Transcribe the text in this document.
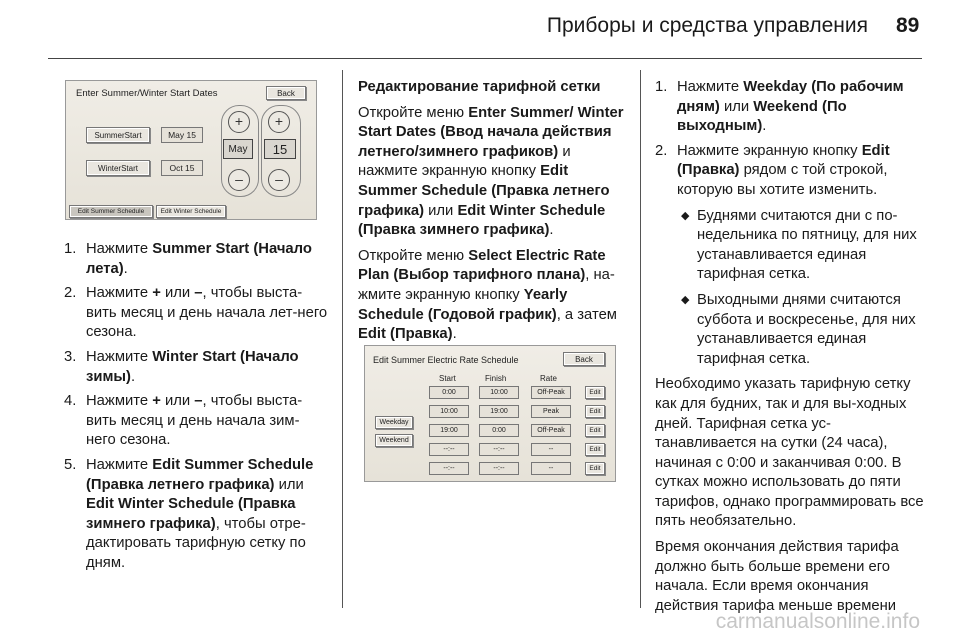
Приборы и средства управления 89
Enter Summer/Winter Start Dates	Back
SummerStart	May 15
WinterStart	Oct 15
+
May
–
+
15
–
Edit Summer Schedule	Edit Winter Schedule
Edit Summer Electric Rate Schedule	Back
Start	Finish	Rate
Weekday
Weekend
0:00	10:00	Off-Peak	Edit
10:00	19:00	Peak	Edit
19:00	0:00	Off-Peak	Edit
--:--	--:--	--	Edit
--:--	--:--	--	Edit
1. Нажмите Summer Start (Начало лета).
2. Нажмите + или –, чтобы выста-вить месяц и день начала лет-него сезона.
3. Нажмите Winter Start (Начало зимы).
4. Нажмите + или –, чтобы выста-вить месяц и день начала зим-него сезона.
5. Нажмите Edit Summer Schedule (Правка летнего графика) или Edit Winter Schedule (Правка зимнего графика), чтобы отре-дактировать тарифную сетку по дням.

Редактирование тарифной сетки

Откройте меню Enter Summer/ Winter Start Dates (Ввод начала действия летнего/зимнего графиков) и нажмите экранную кнопку Edit Summer Schedule (Правка летнего графика) или Edit Winter Schedule (Правка зимнего графика).

Откройте меню Select Electric Rate Plan (Выбор тарифного плана), на-жмите экранную кнопку Yearly Schedule (Годовой график), а затем Edit (Правка).

1. Нажмите Weekday (По рабочим дням) или Weekend (По выходным).
2. Нажмите экранную кнопку Edit (Правка) рядом с той строкой, которую вы хотите изменить.
◆ Буднями считаются дни с по-недельника по пятницу, для них устанавливается единая тарифная сетка.
◆ Выходными днями считаются суббота и воскресенье, для них устанавливается единая тарифная сетка.

Необходимо указать тарифную сетку как для будних, так и для вы-ходных дней. Тарифная сетка ус-танавливается на сутки (24 часа), начиная с 0:00 и заканчивая 0:00. В сутках можно использовать до пяти тарифов, однако программировать все пять необязательно.

Время окончания действия тарифа должно быть больше времени его начала. Если время окончания действия тарифа меньше времени

carmanualsonline.info
